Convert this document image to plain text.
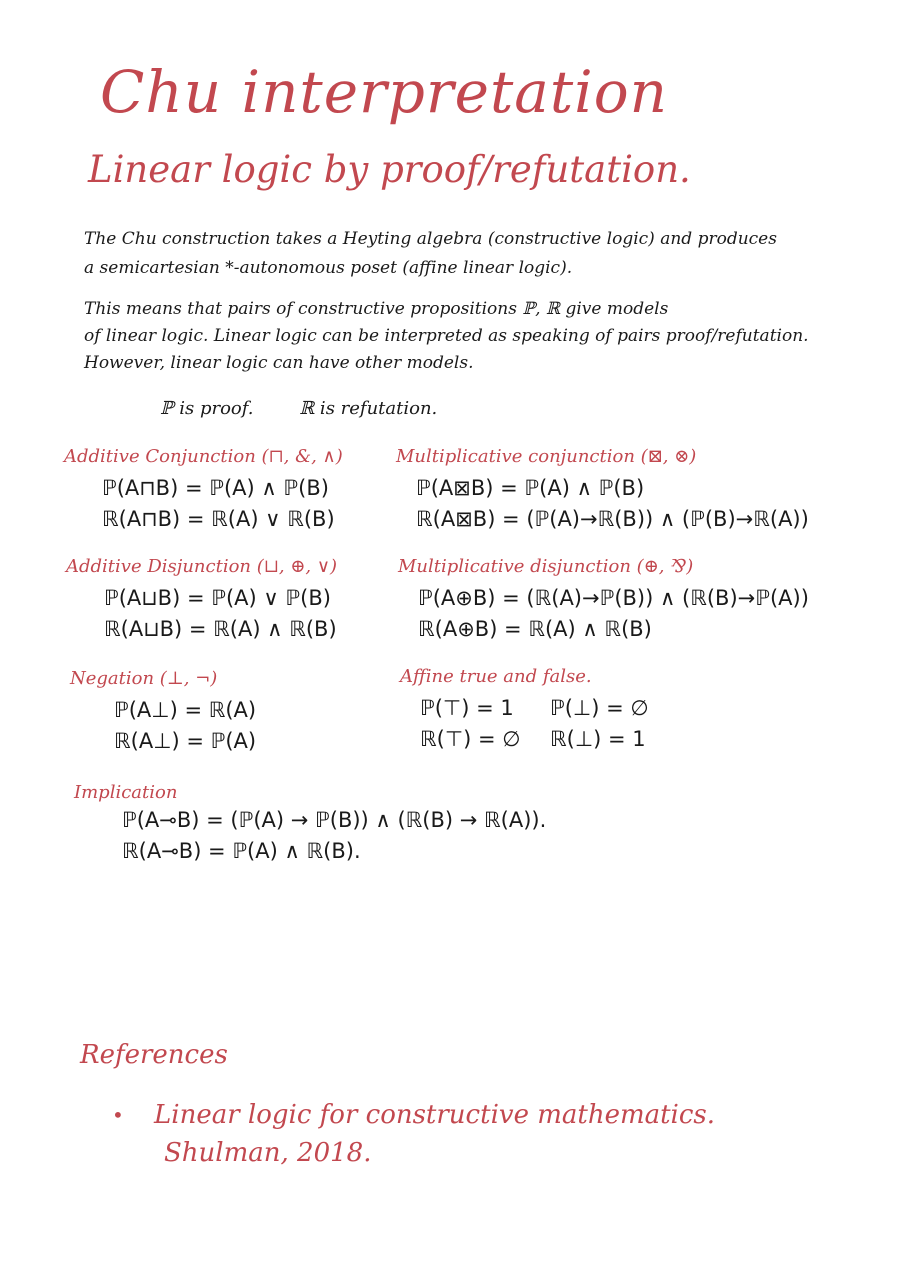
Chu interpretation
Linear logic by proof/refutation.
The Chu construction takes a Heyting algebra (constructive logic) and produces
a semicartesian *-autonomous poset (affine linear logic).
This means that pairs of constructive propositions ℙ, ℝ give models
of linear logic. Linear logic can be interpreted as speaking of pairs proof/refutation.
However, linear logic can have other models.
ℙ is proof.	ℝ is refutation.
Additive Conjunction (⊓, &, ∧)
ℙ(A⊓B) = ℙ(A) ∧ ℙ(B)
ℝ(A⊓B) = ℝ(A) ∨ ℝ(B)
Multiplicative conjunction (⊠, ⊗)
ℙ(A⊠B) = ℙ(A) ∧ ℙ(B)
ℝ(A⊠B) = (ℙ(A)→ℝ(B)) ∧ (ℙ(B)→ℝ(A))
Additive Disjunction (⊔, ⊕, ∨)
ℙ(A⊔B) = ℙ(A) ∨ ℙ(B)
ℝ(A⊔B) = ℝ(A) ∧ ℝ(B)
Multiplicative disjunction (⊕, ⅋)
ℙ(A⊕B) = (ℝ(A)→ℙ(B)) ∧ (ℝ(B)→ℙ(A))
ℝ(A⊕B) = ℝ(A) ∧ ℝ(B)
Negation (⊥, ¬)
ℙ(A⊥) = ℝ(A)
ℝ(A⊥) = ℙ(A)
Affine true and false.
ℙ(⊤) = 1	ℙ(⊥) = ∅
ℝ(⊤) = ∅	ℝ(⊥) = 1
Implication
ℙ(A⊸B) = (ℙ(A) → ℙ(B)) ∧ (ℝ(B) → ℝ(A)).
ℝ(A⊸B) = ℙ(A) ∧ ℝ(B).
References
• Linear logic for constructive mathematics.
Shulman, 2018.
